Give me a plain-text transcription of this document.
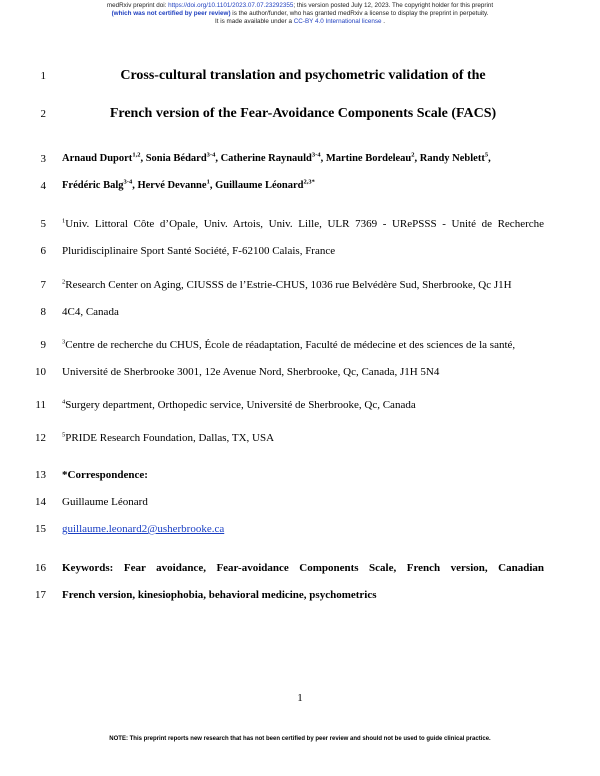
medRxiv preprint doi: https://doi.org/10.1101/2023.07.07.23292355; this version posted July 12, 2023. The copyright holder for this preprint
(which was not certified by peer review) is the author/funder, who has granted medRxiv a license to display the preprint in perpetuity.
It is made available under a CC-BY 4.0 International license .
1
2
3
4
5
6
7
8
9
10
11
12
13
14
15
16
17
Cross-cultural translation and psychometric validation of the
French version of the Fear-Avoidance Components Scale (FACS)
Arnaud Duport$^{1,2}$, Sonia Bédard$^{3-4}$, Catherine Raynauld$^{3-4}$, Martine Bordeleau$^2$, Randy Neblett$^5$,
Frédéric Balg$^{3-4}$, Hervé Devanne$^1$, Guillaume Léonard$^{2,3*}$
$^1$Univ. Littoral Côte d’Opale, Univ. Artois, Univ. Lille, ULR 7369 - URePSSS - Unité de Recherche
Pluridisciplinaire Sport Santé Société, F-62100 Calais, France
$^2$Research Center on Aging, CIUSSS de l’Estrie-CHUS, 1036 rue Belvédère Sud, Sherbrooke, Qc J1H
4C4, Canada
$^3$Centre de recherche du CHUS, École de réadaptation, Faculté de médecine et des sciences de la santé,
Université de Sherbrooke 3001, 12e Avenue Nord, Sherbrooke, Qc, Canada, J1H 5N4
$^4$Surgery department, Orthopedic service, Université de Sherbrooke, Qc, Canada
$^5$PRIDE Research Foundation, Dallas, TX, USA
*Correspondence:
Guillaume Léonard
guillaume.leonard2@usherbrooke.ca
Keywords: Fear avoidance, Fear-avoidance Components Scale, French version, Canadian
French version, kinesiophobia, behavioral medicine, psychometrics
1
NOTE: This preprint reports new research that has not been certified by peer review and should not be used to guide clinical practice.
